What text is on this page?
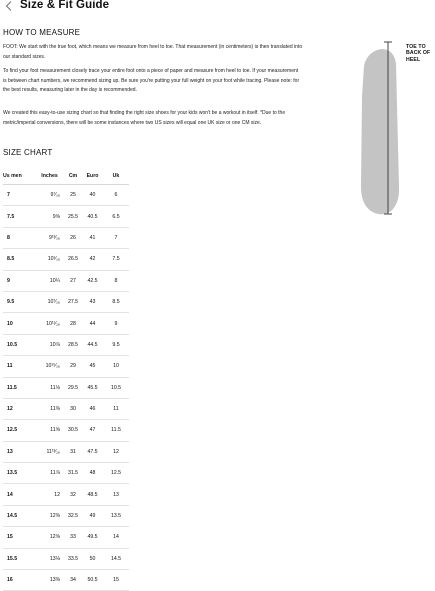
Size & Fit Guide
HOW TO MEASURE
FOOT: We start with the true foot, which means we measure from heel to toe. That measurement (in centimeters) is then translated into our standard sizes.
To find your foot measurement closely trace your entire foot onto a piece of paper and measure from heel to toe. If your measurement is between chart numbers, we recommend sizing up. Be sure you're putting your full weight on your foot while tracing. Please note: for the best results, measuring later in the day is recommended.
We created this easy-to-use sizing chart so that finding the right size shoes for your kids won't be a workout in itself. *Due to the metric/imperial conversions, there will be some instances where two US sizes will equal one UK size or one CM size.
TOE TO BACK OF HEEL
SIZE CHART
Us men	Inches	Cm	Euro	Uk
7	9⁷⁄₁₆	25	40	6
7.5	9⅝	25.5	40.5	6.5
8	9¹³⁄₁₆	26	41	7
8.5	10¹⁄₁₆	26.5	42	7.5
9	10¼	27	42.5	8
9.5	10⁷⁄₁₆	27.5	43	8.5
10	10¹¹⁄₁₆	28	44	9
10.5	10⅞	28.5	44.5	9.5
11	10¹⁵⁄₁₆	29	45	10
11.5	11⅛	29.5	45.5	10.5
12	11⅜	30	46	11
12.5	11⅝	30.5	47	11.5
13	11¹³⁄₁₆	31	47.5	12
13.5	11⅞	31.5	48	12.5
14	12	32	48.5	13
14.5	12⅜	32.5	49	13.5
15	12⅝	33	49.5	14
15.5	13⅛	33.5	50	14.5
16	13⅜	34	50.5	15
